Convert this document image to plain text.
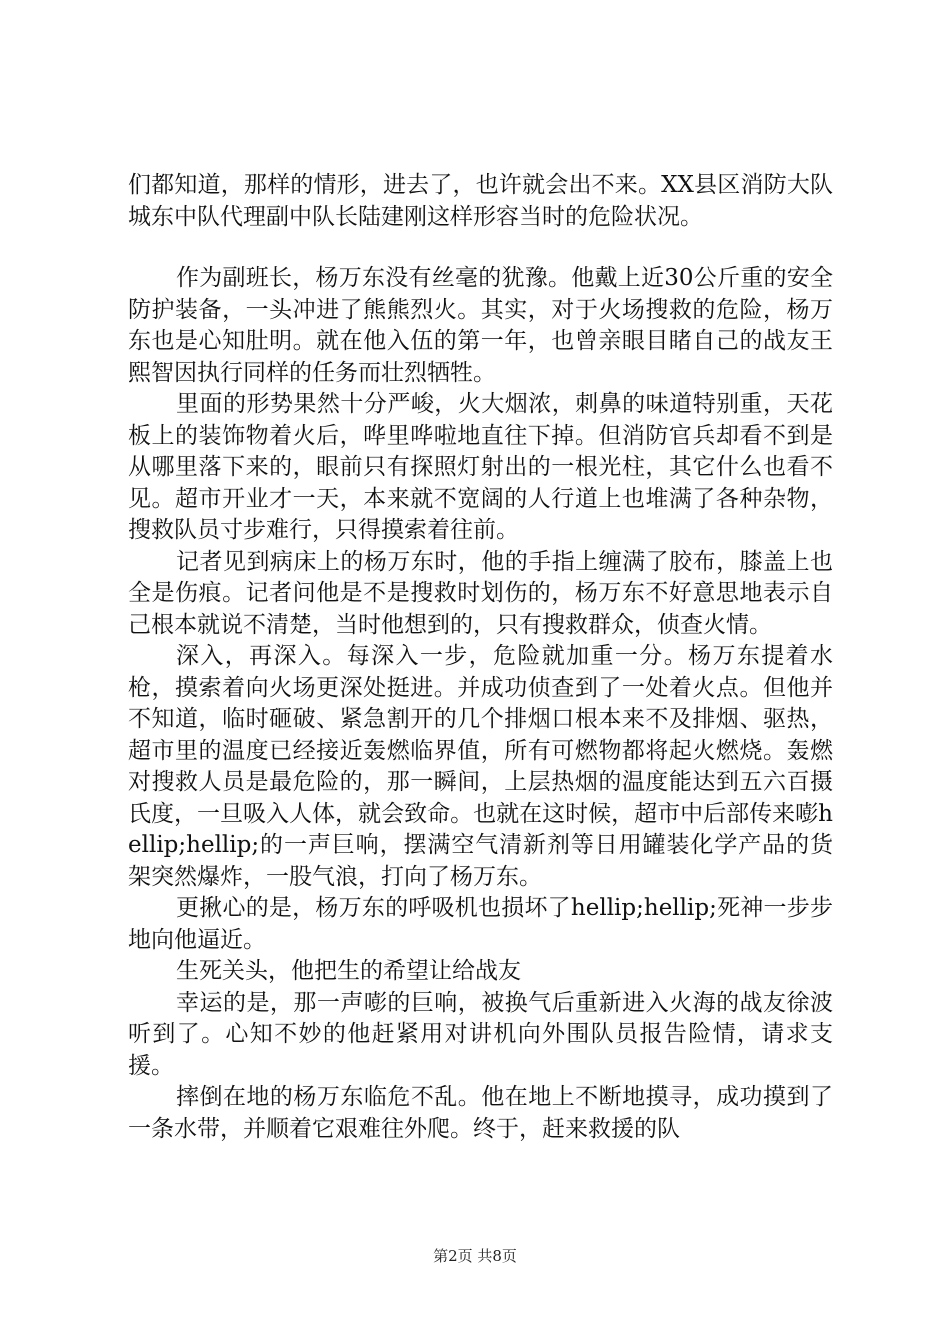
们都知道，那样的情形，进去了，也许就会出不来。XX县区消防大队城东中队代理副中队长陆建刚这样形容当时的危险状况。

作为副班长，杨万东没有丝毫的犹豫。他戴上近30公斤重的安全防护装备，一头冲进了熊熊烈火。其实，对于火场搜救的危险，杨万东也是心知肚明。就在他入伍的第一年，也曾亲眼目睹自己的战友王熙智因执行同样的任务而壮烈牺牲。

里面的形势果然十分严峻，火大烟浓，刺鼻的味道特别重，天花板上的装饰物着火后，哗里哗啦地直往下掉。但消防官兵却看不到是从哪里落下来的，眼前只有探照灯射出的一根光柱，其它什么也看不见。超市开业才一天，本来就不宽阔的人行道上也堆满了各种杂物，搜救队员寸步难行，只得摸索着往前。

记者见到病床上的杨万东时，他的手指上缠满了胶布，膝盖上也全是伤痕。记者问他是不是搜救时划伤的，杨万东不好意思地表示自己根本就说不清楚，当时他想到的，只有搜救群众，侦查火情。

深入，再深入。每深入一步，危险就加重一分。杨万东提着水枪，摸索着向火场更深处挺进。并成功侦查到了一处着火点。但他并不知道，临时砸破、紧急割开的几个排烟口根本来不及排烟、驱热，超市里的温度已经接近轰燃临界值，所有可燃物都将起火燃烧。轰燃对搜救人员是最危险的，那一瞬间，上层热烟的温度能达到五六百摄氏度，一旦吸入人体，就会致命。也就在这时候，超市中后部传来嘭hellip;hellip;的一声巨响，摆满空气清新剂等日用罐装化学产品的货架突然爆炸，一股气浪，打向了杨万东。

更揪心的是，杨万东的呼吸机也损坏了hellip;hellip;死神一步步地向他逼近。

生死关头，他把生的希望让给战友

幸运的是，那一声嘭的巨响，被换气后重新进入火海的战友徐波听到了。心知不妙的他赶紧用对讲机向外围队员报告险情，请求支援。

摔倒在地的杨万东临危不乱。他在地上不断地摸寻，成功摸到了一条水带，并顺着它艰难往外爬。终于，赶来救援的队

第2页 共8页
